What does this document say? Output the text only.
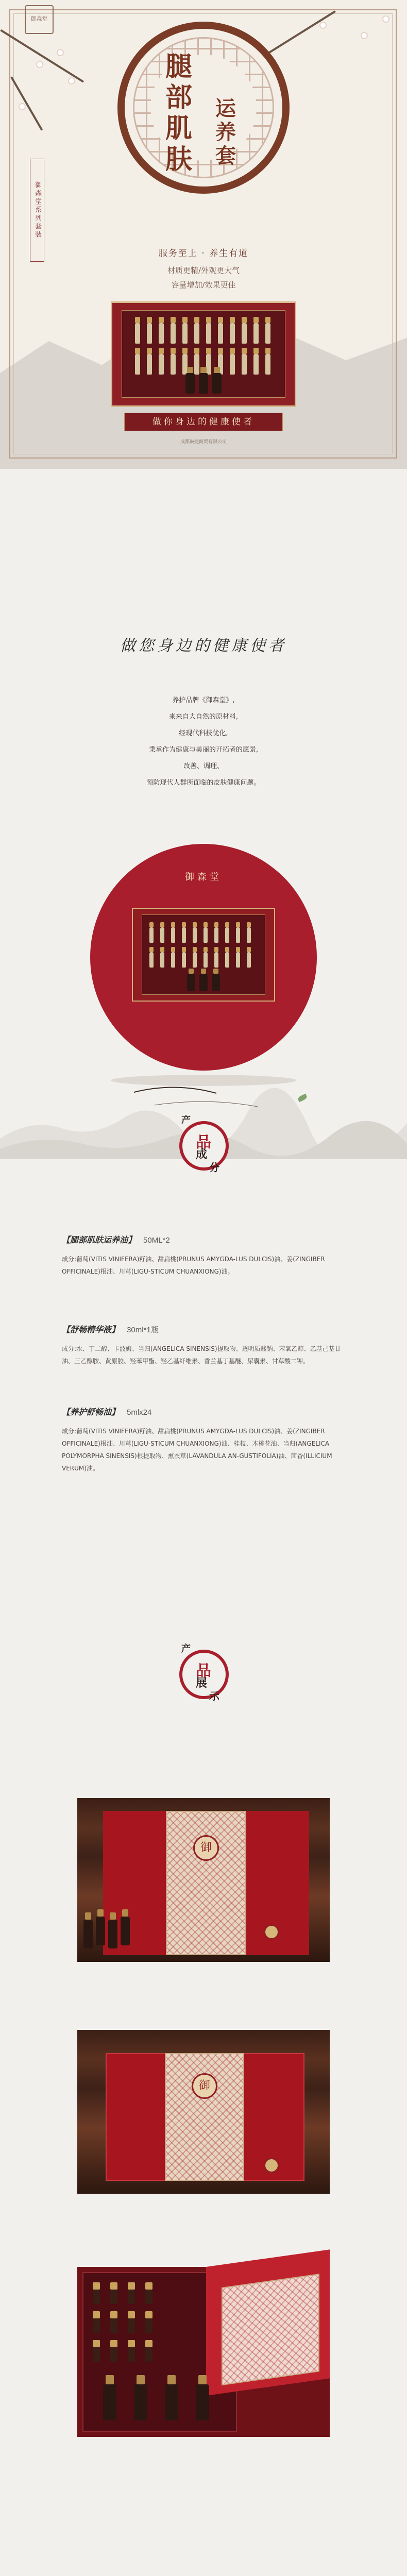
御森堂
御森堂系列套装
腿
部
肌
肤
运
养
套
服务至上 · 养生有道
材质更精/外观更大气
容量增加/效果更佳
做你身边的健康使者
成都鼓捷商贸有限公司
做您身边的健康使者
养护品牌《御森堂》,
来来自大自然的原材料,
经现代科技优化,
秉承作为健康与美丽的开拓者的愿景,
改善、调理、
预防现代人群所面临的皮肤健康问题。
御森堂
产
品
成
分
【腿部肌肤运养油】 50ML*2
成分:葡萄(VITIS VINIFERA)籽油、甜扁桃(PRUNUS AMYGDA-LUS DULCIS)油、姜(ZINGIBER OFFICINALE)根油、川芎(LIGU-STICUM CHUANXIONG)油。
【舒畅精华液】 30ml*1瓶
成分:水、丁二醇、卡波姆、当归(ANGELICA SINENSIS)提取物、透明质酸钠、苯氧乙醇、乙基己基甘油、三乙醇胺、黄原胶、羟苯甲酯、羟乙基纤维素、香兰基丁基醚、尿囊素、甘草酸二钾。
【养护舒畅油】 5mlx24
成分:葡萄(VITIS VINIFERA)籽油、甜扁桃(PRUNUS AMYGDA-LUS DULCIS)油、姜(ZINGIBER OFFICINALE)根油、川芎(LIGU-STICUM CHUANXIONG)油、桂枝、木桃花油、当归(ANGELICA POLYMORPHA SINENSIS)根提取物、熏衣草(LAVANDULA AN-GUSTIFOLIA)油、茴香(ILLICIUM VERUM)油。
产
品
展
示
御
御
